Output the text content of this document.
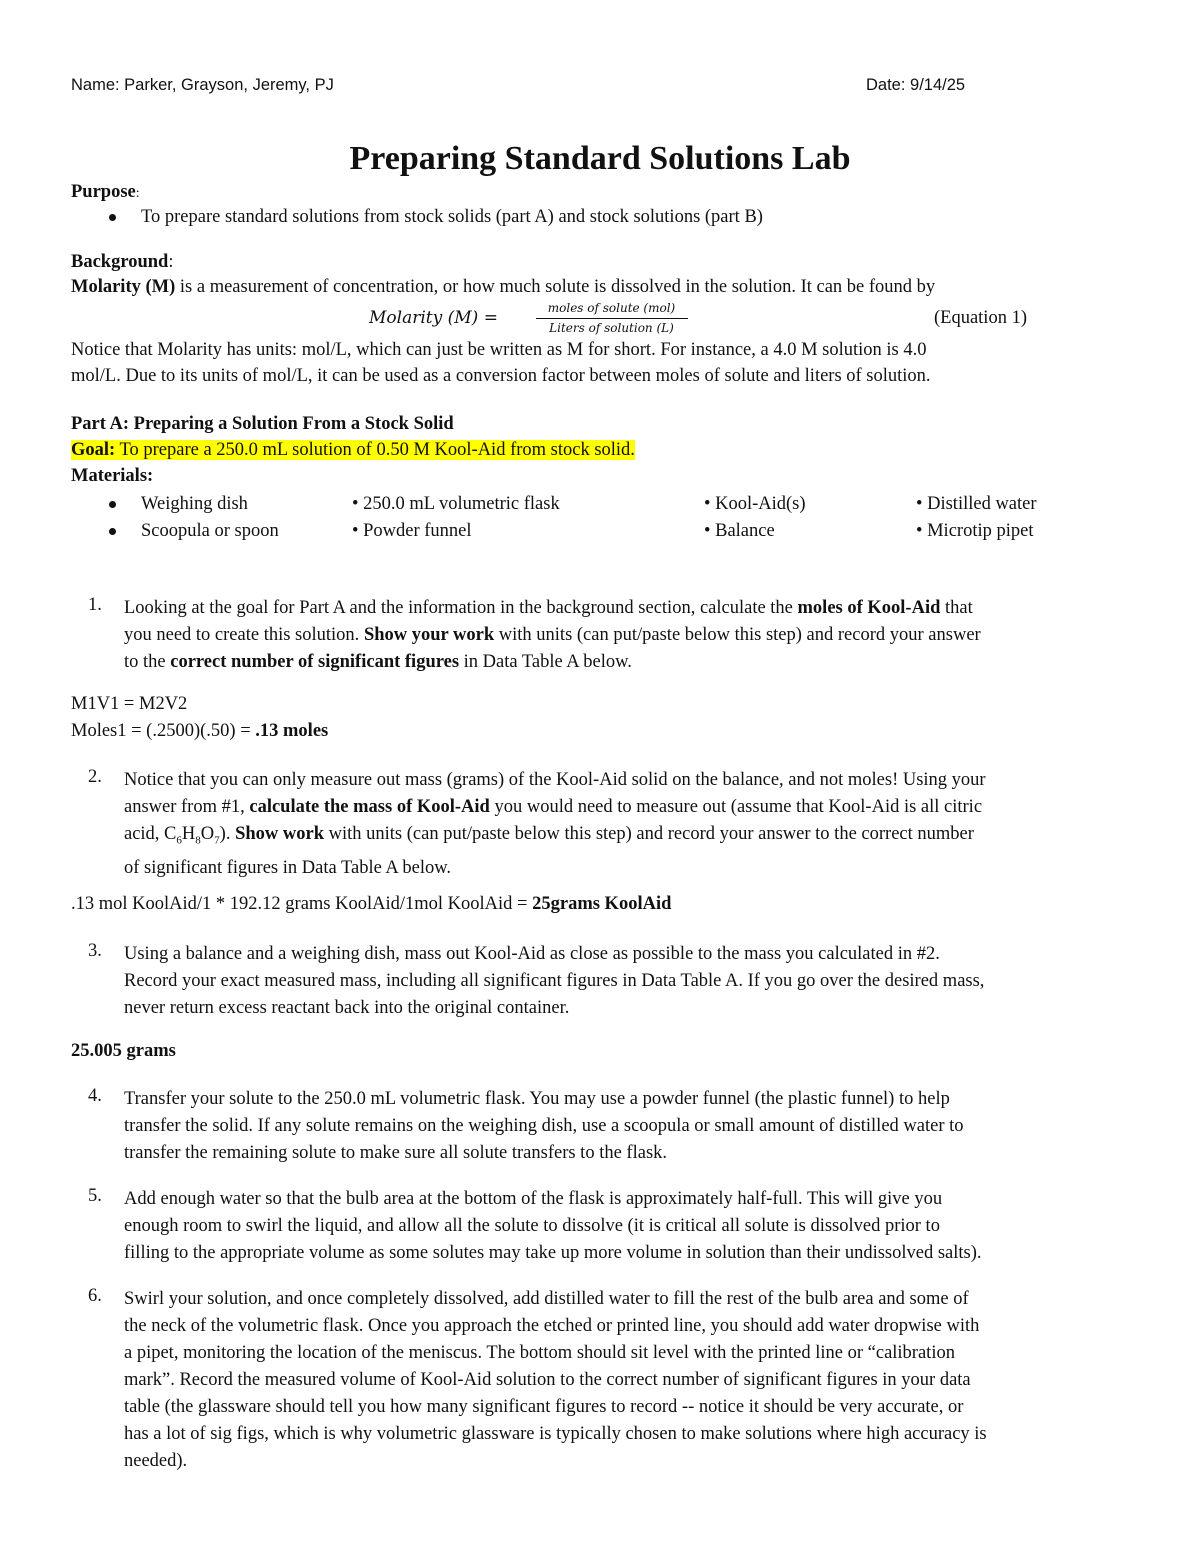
Name: Parker, Grayson, Jeremy, PJ	Date: 9/14/25
Preparing Standard Solutions Lab
Purpose:
To prepare standard solutions from stock solids (part A) and stock solutions (part B)
Background:
Molarity (M) is a measurement of concentration, or how much solute is dissolved in the solution. It can be found by
Molarity (M) =	moles of solute (mol)
Liters of solution (L)	(Equation 1)
Notice that Molarity has units: mol/L, which can just be written as M for short. For instance, a 4.0 M solution is 4.0
mol/L. Due to its units of mol/L, it can be used as a conversion factor between moles of solute and liters of solution.
Part A: Preparing a Solution From a Stock Solid
Goal: To prepare a 250.0 mL solution of 0.50 M Kool-Aid from stock solid.
Materials:
Weighing dish	• 250.0 mL volumetric flask	• Kool-Aid(s)	• Distilled water
Scoopula or spoon	• Powder funnel	• Balance	• Microtip pipet
1. Looking at the goal for Part A and the information in the background section, calculate the moles of Kool-Aid that
you need to create this solution. Show your work with units (can put/paste below this step) and record your answer
to the correct number of significant figures in Data Table A below.
M1V1 = M2V2
Moles1 = (.2500)(.50) = .13 moles
2. Notice that you can only measure out mass (grams) of the Kool-Aid solid on the balance, and not moles! Using your
answer from #1, calculate the mass of Kool-Aid you would need to measure out (assume that Kool-Aid is all citric
acid, $C_6H_8O_7$). Show work with units (can put/paste below this step) and record your answer to the correct number
of significant figures in Data Table A below.
.13 mol KoolAid/1 * 192.12 grams KoolAid/1mol KoolAid = 25grams KoolAid
3. Using a balance and a weighing dish, mass out Kool-Aid as close as possible to the mass you calculated in #2.
Record your exact measured mass, including all significant figures in Data Table A. If you go over the desired mass,
never return excess reactant back into the original container.
25.005 grams
4. Transfer your solute to the 250.0 mL volumetric flask. You may use a powder funnel (the plastic funnel) to help
transfer the solid. If any solute remains on the weighing dish, use a scoopula or small amount of distilled water to
transfer the remaining solute to make sure all solute transfers to the flask.
5. Add enough water so that the bulb area at the bottom of the flask is approximately half-full. This will give you
enough room to swirl the liquid, and allow all the solute to dissolve (it is critical all solute is dissolved prior to
filling to the appropriate volume as some solutes may take up more volume in solution than their undissolved salts).
6. Swirl your solution, and once completely dissolved, add distilled water to fill the rest of the bulb area and some of
the neck of the volumetric flask. Once you approach the etched or printed line, you should add water dropwise with
a pipet, monitoring the location of the meniscus. The bottom should sit level with the printed line or “calibration
mark”. Record the measured volume of Kool-Aid solution to the correct number of significant figures in your data
table (the glassware should tell you how many significant figures to record -- notice it should be very accurate, or
has a lot of sig figs, which is why volumetric glassware is typically chosen to make solutions where high accuracy is
needed).
